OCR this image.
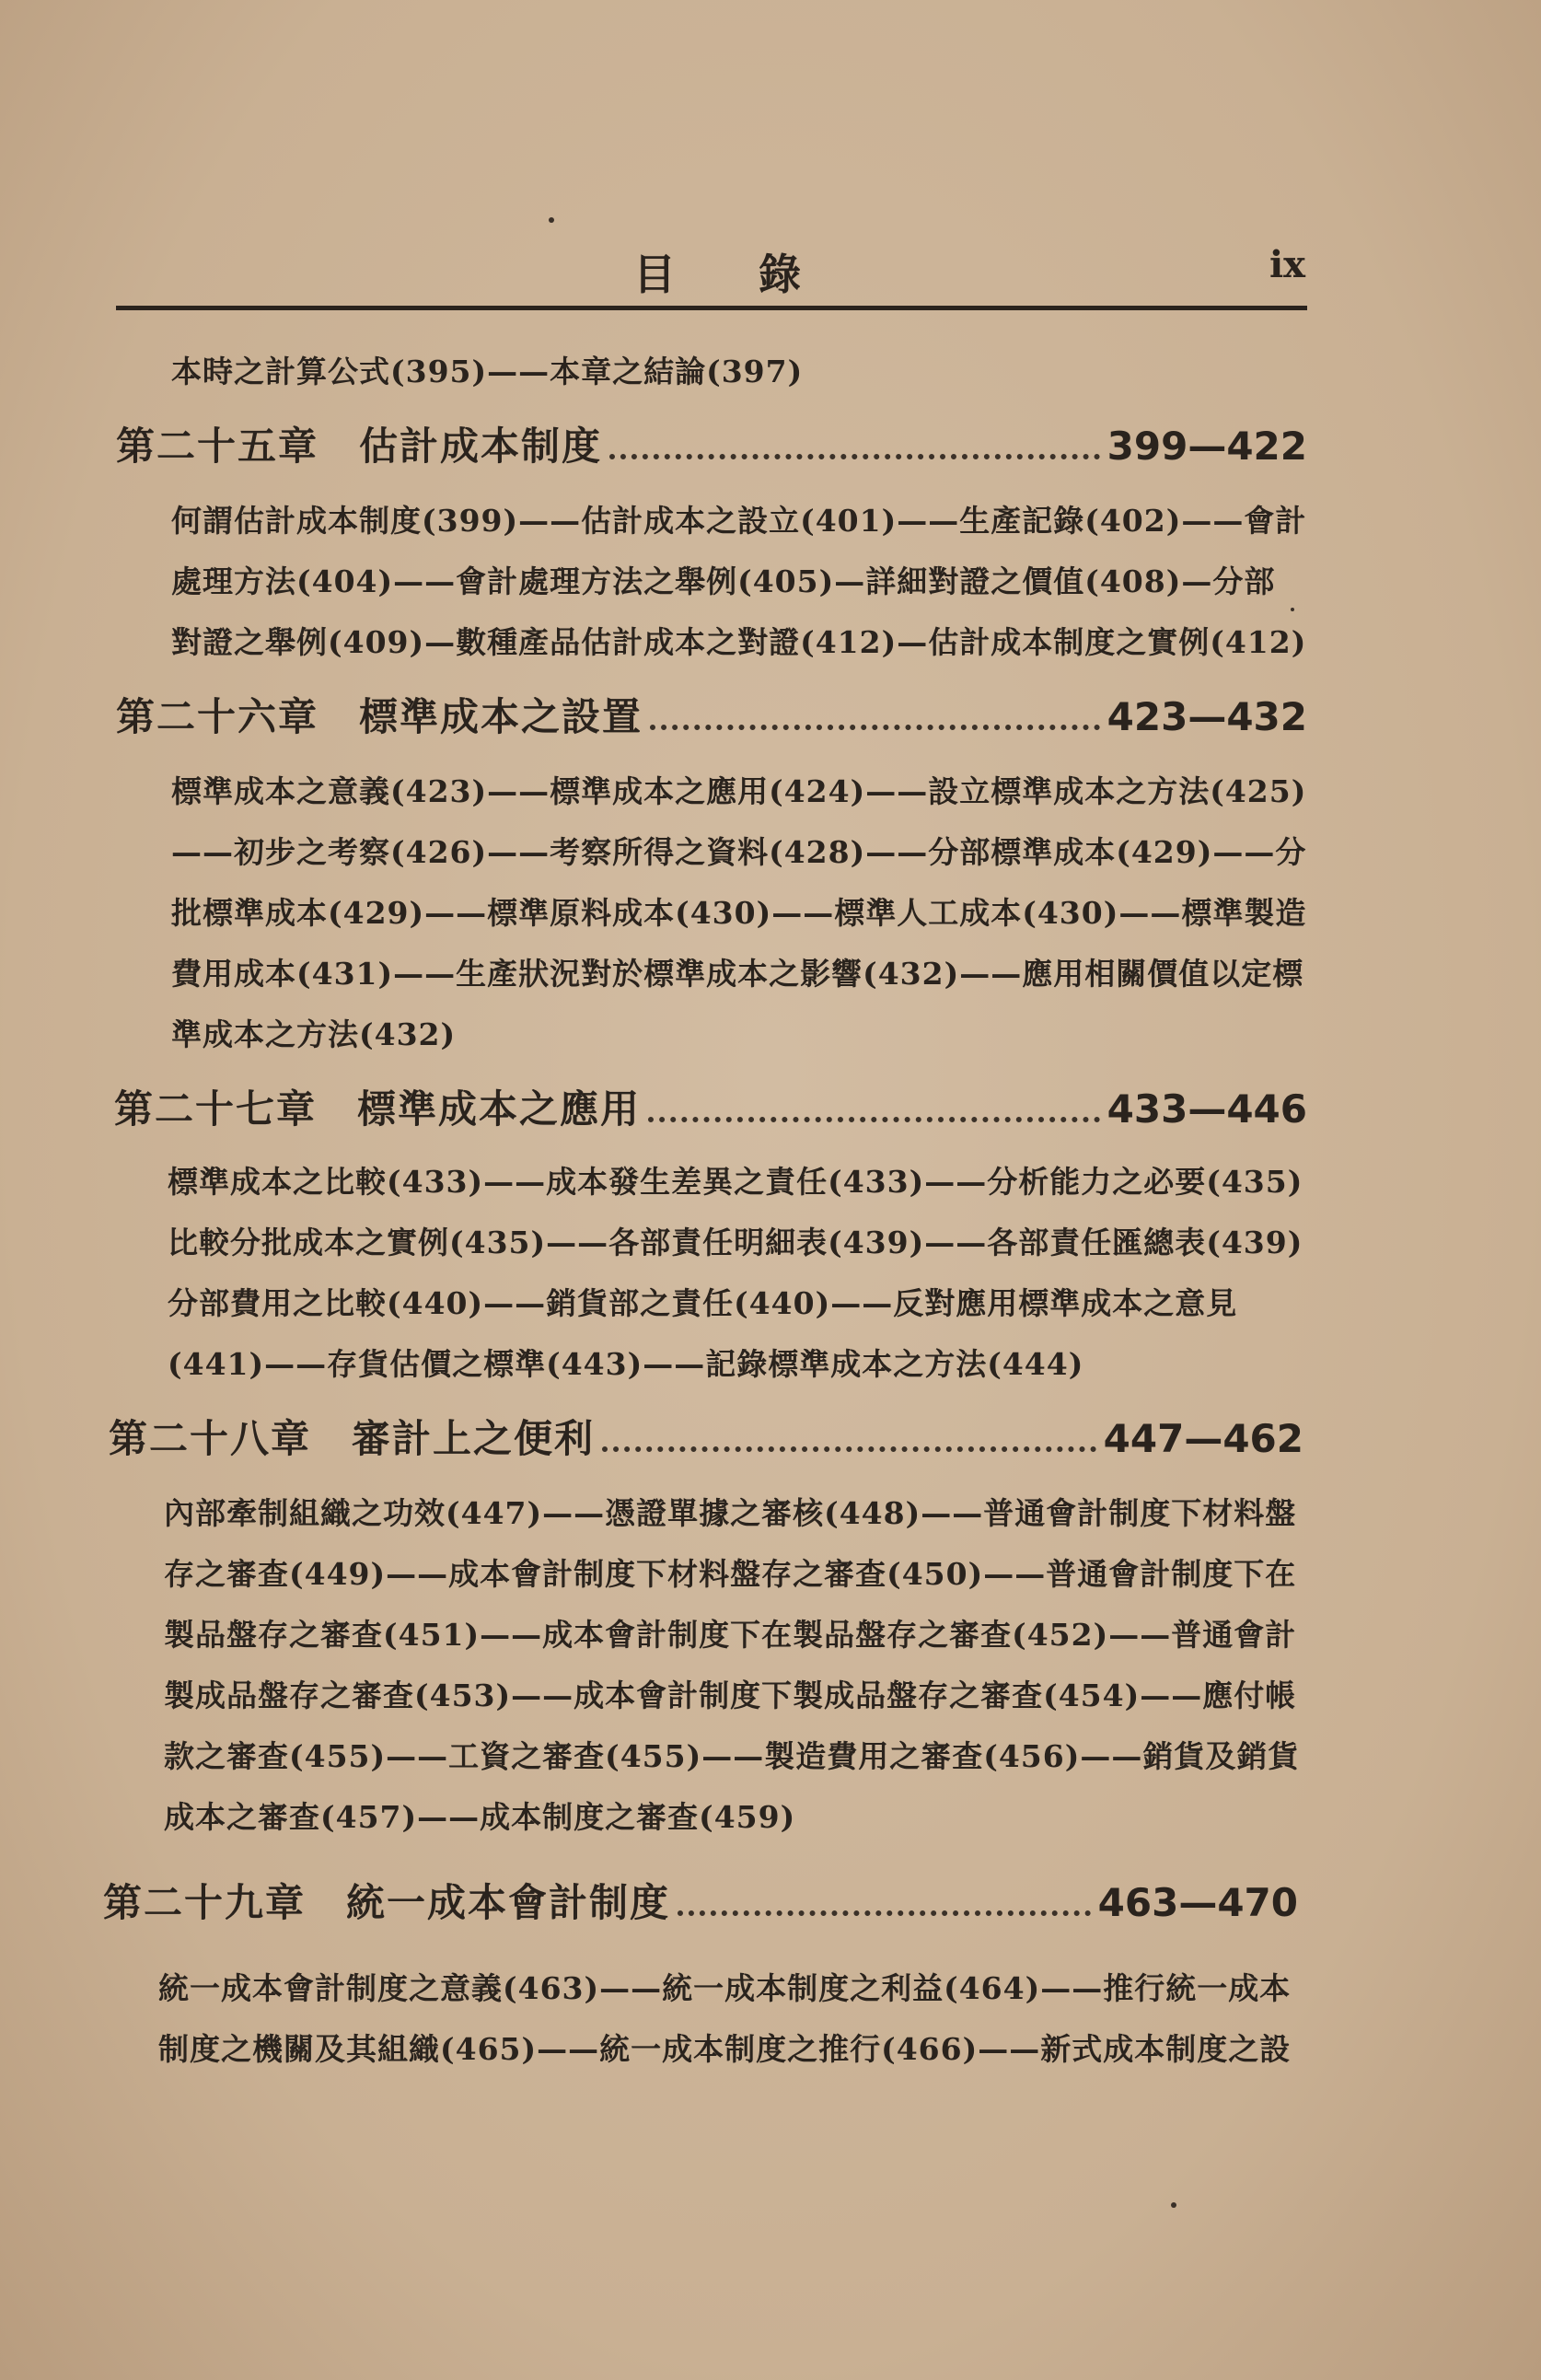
目錄	ix
本時之計算公式(395)——本章之結論(397)
第二十五章 估計成本制度	399—422
何謂估計成本制度(399)——估計成本之設立(401)——生產記錄(402)——會計
處理方法(404)——會計處理方法之舉例(405)—詳細對證之價值(408)—分部
對證之舉例(409)—數種產品估計成本之對證(412)—估計成本制度之實例(412)
第二十六章 標準成本之設置	423—432
標準成本之意義(423)——標準成本之應用(424)——設立標準成本之方法(425)
——初步之考察(426)——考察所得之資料(428)——分部標準成本(429)——分
批標準成本(429)——標準原料成本(430)——標準人工成本(430)——標準製造
費用成本(431)——生產狀況對於標準成本之影響(432)——應用相關價值以定標
準成本之方法(432)
第二十七章 標準成本之應用	433—446
標準成本之比較(433)——成本發生差異之責任(433)——分析能力之必要(435)
比較分批成本之實例(435)——各部責任明細表(439)——各部責任匯總表(439)
分部費用之比較(440)——銷貨部之責任(440)——反對應用標準成本之意見
(441)——存貨估價之標準(443)——記錄標準成本之方法(444)
第二十八章 審計上之便利	447—462
內部牽制組織之功效(447)——憑證單據之審核(448)——普通會計制度下材料盤
存之審查(449)——成本會計制度下材料盤存之審查(450)——普通會計制度下在
製品盤存之審查(451)——成本會計制度下在製品盤存之審查(452)——普通會計
製成品盤存之審查(453)——成本會計制度下製成品盤存之審查(454)——應付帳
款之審查(455)——工資之審查(455)——製造費用之審查(456)——銷貨及銷貨
成本之審查(457)——成本制度之審查(459)
第二十九章 統一成本會計制度	463—470
統一成本會計制度之意義(463)——統一成本制度之利益(464)——推行統一成本
制度之機關及其組織(465)——統一成本制度之推行(466)——新式成本制度之設
